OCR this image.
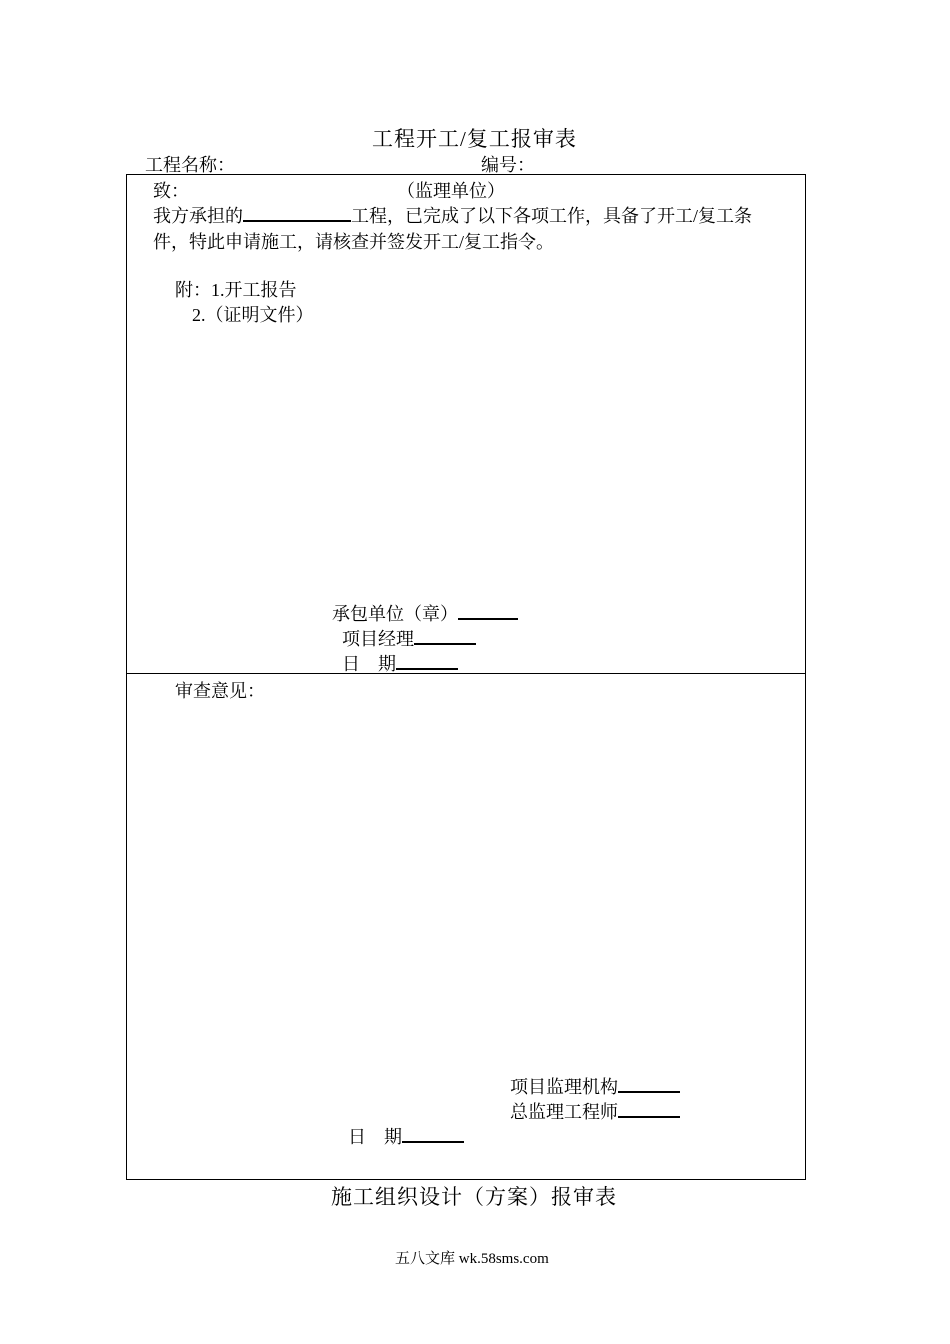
工程开工/复工报审表
工程名称：	编号：
致：	（监理单位）
我方承担的	工程，已完成了以下各项工作，具备了开工/复工条
件，特此申请施工，请核查并签发开工/复工指令。
附：1.开工报告
2.（证明文件）
承包单位（章）
项目经理
日　期
审查意见：
项目监理机构
总监理工程师
日　期
施工组织设计（方案）报审表
五八文库 wk.58sms.com
